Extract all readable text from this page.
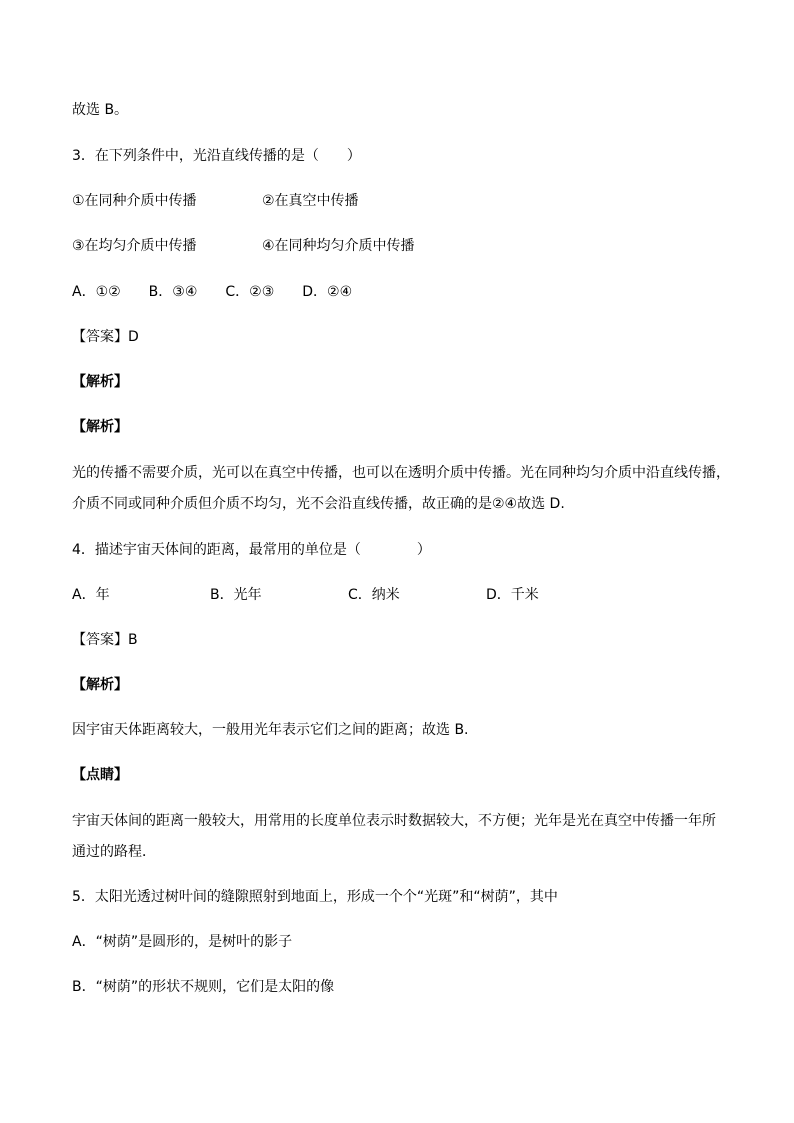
故选 B。
3．在下列条件中，光沿直线传播的是（　　）
①在同种介质中传播	②在真空中传播
③在均匀介质中传播	④在同种均匀介质中传播
A．①②　　B．③④　　C．②③　　D．②④
【答案】D
【解析】
【解析】
光的传播不需要介质，光可以在真空中传播，也可以在透明介质中传播。光在同种均匀介质中沿直线传播，
介质不同或同种介质但介质不均匀，光不会沿直线传播，故正确的是②④故选 D.
4．描述宇宙天体间的距离，最常用的单位是（　　　　）
A．年	B．光年	C．纳米	D．千米
【答案】B
【解析】
因宇宙天体距离较大，一般用光年表示它们之间的距离；故选 B.
【点睛】
宇宙天体间的距离一般较大，用常用的长度单位表示时数据较大，不方便；光年是光在真空中传播一年所
通过的路程．
5．太阳光透过树叶间的缝隙照射到地面上，形成一个个“光斑”和“树荫”，其中
A．“树荫”是圆形的，是树叶的影子
B．“树荫”的形状不规则，它们是太阳的像
